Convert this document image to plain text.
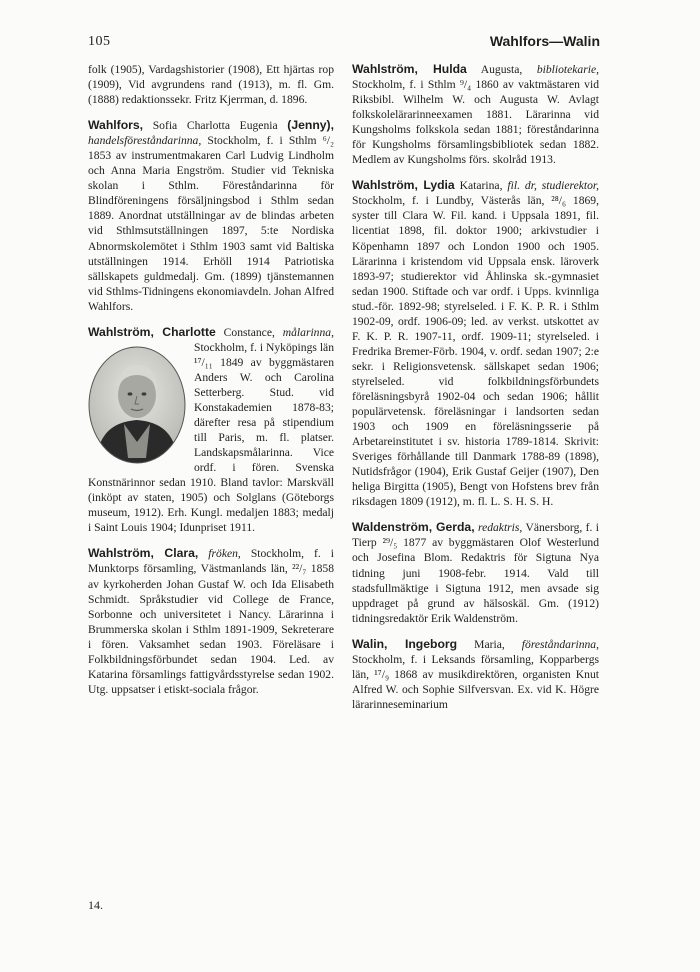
105	Wahlfors—Walin

folk (1905), Vardagshistorier (1908), Ett hjärtas rop (1909), Vid avgrundens rand (1913), m. fl. Gm. (1888) redaktionssekr. Fritz Kjerrman, d. 1896.

Wahlfors, Sofia Charlotta Eugenia (Jenny), handelsföreståndarinna, Stockholm, f. i Sthlm ⁶/₂ 1853 av instrumentmakaren Carl Ludvig Lindholm och Anna Maria Engström. Studier vid Tekniska skolan i Sthlm. Föreståndarinna för Blindföreningens försäljningsbod i Sthlm sedan 1889. Anordnat utställningar av de blindas arbeten vid Sthlmsutställningen 1897, 5:te Nordiska Abnormskolemötet i Sthlm 1903 samt vid Baltiska utställningen 1914. Erhöll 1914 Patriotiska sällskapets guldmedalj. Gm. (1899) tjänstemannen vid Sthlms-Tidningens ekonomiavdeln. Johan Alfred Wahlfors.

Wahlström, Charlotte Constance,
målarinna, Stockholm, f. i Nyköpings län ¹⁷/₁₁ 1849 av byggmästaren Anders W. och Carolina Setterberg. Stud. vid Konstakademien 1878-83; därefter resa på stipendium till Paris, m. fl. platser. Landskapsmålarinna. Vice ordf. i fören. Svenska Konstnärinnor sedan 1910. Bland tavlor: Marskväll (inköpt av staten, 1905) och Solglans (Göteborgs museum, 1912). Erh. Kungl. medaljen 1883; medalj i Saint Louis 1904; Idunpriset 1911.

Wahlström, Clara, fröken, Stockholm, f. i Munktorps församling, Västmanlands län, ²²/₇ 1858 av kyrkoherden Johan Gustaf W. och Ida Elisabeth Schmidt. Språkstudier vid College de France, Sorbonne och universitetet i Nancy. Lärarinna i Brummerska skolan i Sthlm 1891-1909, Sekreterare i fören. Vaksamhet sedan 1903. Föreläsare i Folkbildningsförbundet sedan 1904. Led. av Katarina församlings fattigvårdsstyrelse sedan 1902. Utg. uppsatser i etiskt-sociala frågor.

Wahlström, Hulda Augusta, bibliotekarie, Stockholm, f. i Sthlm ⁹/₄ 1860 av vaktmästaren vid Riksbibl. Wilhelm W. och Augusta W. Avlagt folkskolelärarinneexamen 1881. Lärarinna vid Kungsholms folkskola sedan 1881; föreståndarinna för Kungsholms församlingsbibliotek sedan 1882. Medlem av Kungsholms förs. skolråd 1913.

Wahlström, Lydia Katarina, fil. dr, studierektor, Stockholm, f. i Lundby, Västerås län, ²⁸/₆ 1869, syster till Clara W. Fil. kand. i Uppsala 1891, fil. licentiat 1898, fil. doktor 1900; arkivstudier i Köpenhamn 1897 och London 1900 och 1905. Lärarinna i kristendom vid Uppsala ensk. läroverk 1893-97; studierektor vid Åhlinska sk.-gymnasiet sedan 1900. Stiftade och var ordf. i Upps. kvinnliga stud.-för. 1892-98; styrelseled. i F. K. P. R. i Sthlm 1902-09, ordf. 1906-09; led. av verkst. utskottet av F. K. P. R. 1907-11, ordf. 1909-11; styrelseled. i Fredrika Bremer-Förb. 1904, v. ordf. sedan 1907; 2:e sekr. i Religionsvetensk. sällskapet sedan 1906; styrelseled. vid folkbildningsförbundets föreläsningsbyrå 1902-04 och sedan 1906; hållit populärvetensk. föreläsningar i landsorten sedan 1903 och 1909 en föreläsningsserie på Arbetareinstitutet i sv. historia 1789-1814. Skrivit: Sveriges förhållande till Danmark 1788-89 (1898), Nutidsfrågor (1904), Erik Gustaf Geijer (1907), Den heliga Birgitta (1905), Bengt von Hofstens brev från riksdagen 1809 (1912), m. fl. L. S. H. S. H.

Waldenström, Gerda, redaktris, Vänersborg, f. i Tierp ²⁹/₅ 1877 av byggmästaren Olof Westerlund och Josefina Blom. Redaktris för Sigtuna Nya tidning juni 1908-febr. 1914. Vald till stadsfullmäktige i Sigtuna 1912, men avsade sig uppdraget på grund av hälsoskäl. Gm. (1912) tidningsredaktör Erik Waldenström.

Walin, Ingeborg Maria, föreståndarinna, Stockholm, f. i Leksands församling, Kopparbergs län, ¹⁷/₉ 1868 av musikdirektören, organisten Knut Alfred W. och Sophie Silfversvan. Ex. vid K. Högre lärarinneseminarium

14.
